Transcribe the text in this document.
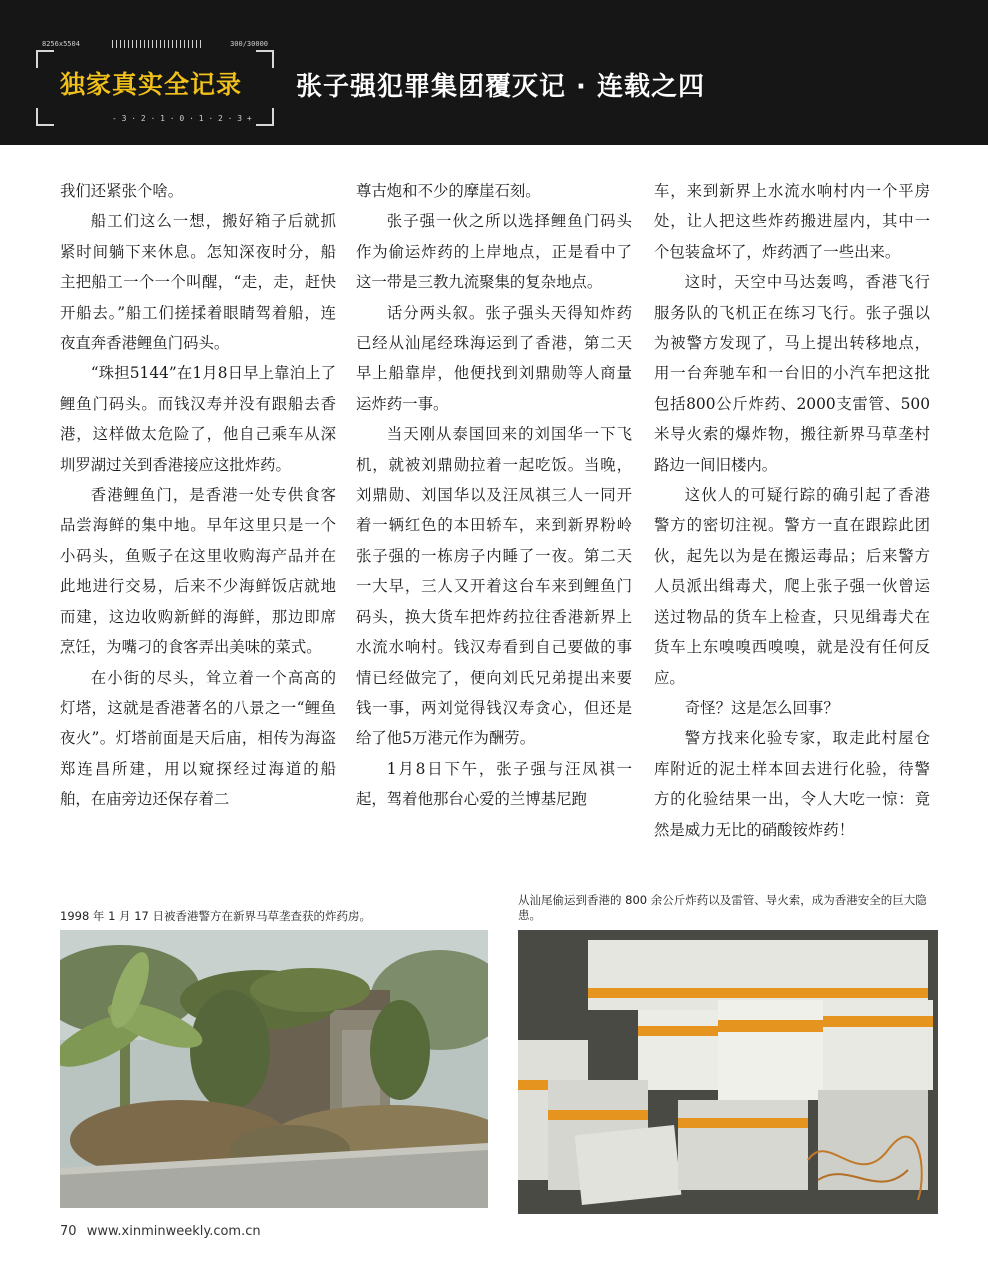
8256x5504	300/30000
独家真实全记录
- 3 · 2 · 1 · 0 · 1 · 2 · 3 +
张子强犯罪集团覆灭记 · 连载之四

我们还紧张个啥。

船工们这么一想，搬好箱子后就抓紧时间躺下来休息。怎知深夜时分，船主把船工一个一个叫醒，“走，走，赶快开船去。”船工们搓揉着眼睛驾着船，连夜直奔香港鲤鱼门码头。

“珠担5144”在1月8日早上靠泊上了鲤鱼门码头。而钱汉寿并没有跟船去香港，这样做太危险了，他自己乘车从深圳罗湖过关到香港接应这批炸药。

香港鲤鱼门，是香港一处专供食客品尝海鲜的集中地。早年这里只是一个小码头，鱼贩子在这里收购海产品并在此地进行交易，后来不少海鲜饭店就地而建，这边收购新鲜的海鲜，那边即席烹饪，为嘴刁的食客弄出美味的菜式。

在小街的尽头，耸立着一个高高的灯塔，这就是香港著名的八景之一“鲤鱼夜火”。灯塔前面是天后庙，相传为海盗郑连昌所建，用以窥探经过海道的船舶，在庙旁边还保存着二

尊古炮和不少的摩崖石刻。

张子强一伙之所以选择鲤鱼门码头作为偷运炸药的上岸地点，正是看中了这一带是三教九流聚集的复杂地点。

话分两头叙。张子强头天得知炸药已经从汕尾经珠海运到了香港，第二天早上船靠岸，他便找到刘鼎勋等人商量运炸药一事。

当天刚从泰国回来的刘国华一下飞机，就被刘鼎勋拉着一起吃饭。当晚，刘鼎勋、刘国华以及汪凤祺三人一同开着一辆红色的本田轿车，来到新界粉岭张子强的一栋房子内睡了一夜。第二天一大早，三人又开着这台车来到鲤鱼门码头，换大货车把炸药拉往香港新界上水流水响村。钱汉寿看到自己要做的事情已经做完了，便向刘氏兄弟提出来要钱一事，两刘觉得钱汉寿贪心，但还是给了他5万港元作为酬劳。

1月8日下午，张子强与汪凤祺一起，驾着他那台心爱的兰博基尼跑

车，来到新界上水流水响村内一个平房处，让人把这些炸药搬进屋内，其中一个包装盒坏了，炸药洒了一些出来。

这时，天空中马达轰鸣，香港飞行服务队的飞机正在练习飞行。张子强以为被警方发现了，马上提出转移地点，用一台奔驰车和一台旧的小汽车把这批包括800公斤炸药、2000支雷管、500米导火索的爆炸物，搬往新界马草垄村路边一间旧楼内。

这伙人的可疑行踪的确引起了香港警方的密切注视。警方一直在跟踪此团伙，起先以为是在搬运毒品；后来警方人员派出缉毒犬，爬上张子强一伙曾运送过物品的货车上检查，只见缉毒犬在货车上东嗅嗅西嗅嗅，就是没有任何反应。

奇怪？这是怎么回事？

警方找来化验专家，取走此村屋仓库附近的泥土样本回去进行化验，待警方的化验结果一出，令人大吃一惊：竟然是威力无比的硝酸铵炸药！

1998 年 1 月 17 日被香港警方在新界马草垄查获的炸药房。
从汕尾偷运到香港的 800 余公斤炸药以及雷管、导火索，成为香港安全的巨大隐患。
70 www.xinminweekly.com.cn
